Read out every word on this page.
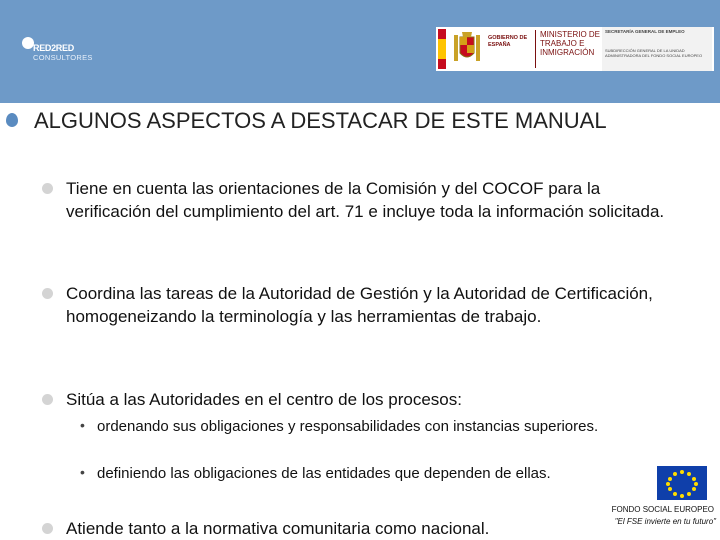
RED2RED
CONSULTORES
GOBIERNO DE ESPAÑA
MINISTERIO DE TRABAJO E INMIGRACIÓN
SECRETARÍA GENERAL DE EMPLEO
SUBDIRECCIÓN GENERAL DE LA UNIDAD ADMINISTRADORA DEL FONDO SOCIAL EUROPEO
ALGUNOS ASPECTOS A DESTACAR DE ESTE MANUAL
Tiene en cuenta las orientaciones de la Comisión y del COCOF para la verificación del cumplimiento del art. 71 e incluye toda la información solicitada.
Coordina las tareas de la Autoridad de Gestión y la Autoridad de Certificación, homogeneizando la terminología y las herramientas de trabajo.
Sitúa a las Autoridades en el centro de los procesos:
• ordenando sus obligaciones y responsabilidades con instancias superiores.
• definiendo las obligaciones de las entidades que dependen de ellas.
Atiende tanto a la normativa comunitaria como nacional.
FONDO SOCIAL EUROPEO
"El FSE invierte en tu futuro"
